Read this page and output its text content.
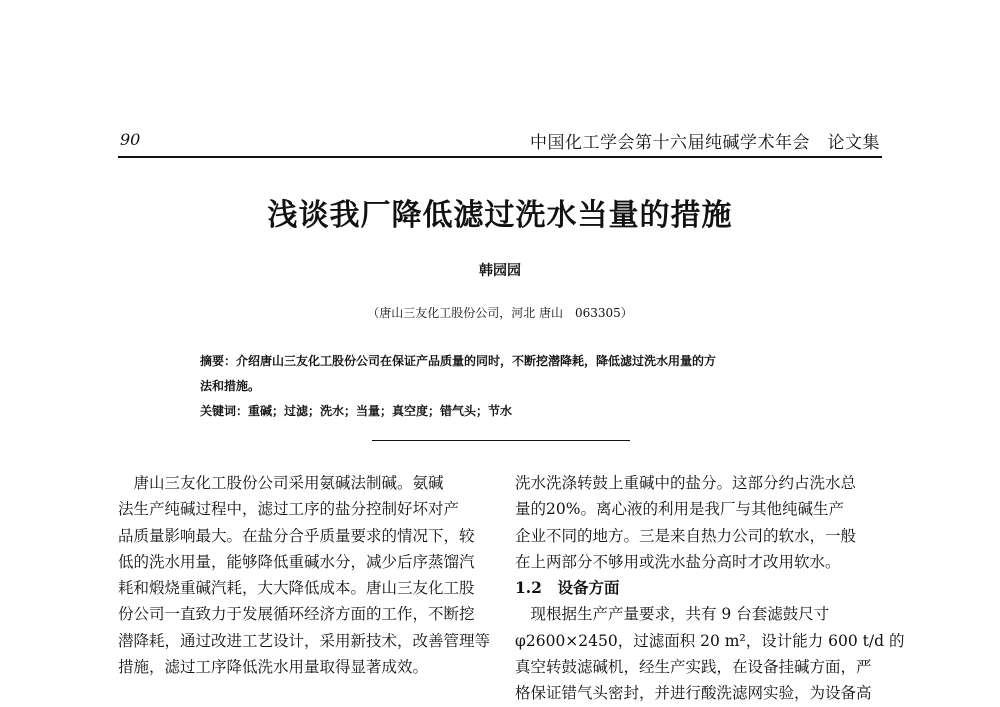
90	中国化工学会第十六届纯碱学术年会　论文集
浅谈我厂降低滤过洗水当量的措施
韩园园
（唐山三友化工股份公司，河北 唐山　063305）
摘要：介绍唐山三友化工股份公司在保证产品质量的同时，不断挖潜降耗，降低滤过洗水用量的方
法和措施。
关键词：重碱；过滤；洗水；当量；真空度；错气头；节水
　唐山三友化工股份公司采用氨碱法制碱。氨碱
法生产纯碱过程中，滤过工序的盐分控制好坏对产
品质量影响最大。在盐分合乎质量要求的情况下，较
低的洗水用量，能够降低重碱水分，减少后序蒸馏汽
耗和煅烧重碱汽耗，大大降低成本。唐山三友化工股
份公司一直致力于发展循环经济方面的工作，不断挖
潜降耗，通过改进工艺设计，采用新技术，改善管理等
措施，滤过工序降低洗水用量取得显著成效。
洗水洗涤转鼓上重碱中的盐分。这部分约占洗水总
量的20%。离心液的利用是我厂与其他纯碱生产
企业不同的地方。三是来自热力公司的软水，一般
在上两部分不够用或洗水盐分高时才改用软水。
1.2　设备方面
　现根据生产产量要求，共有 9 台套滤鼓尺寸
φ2600×2450，过滤面积 20 m²，设计能力 600 t/d 的
真空转鼓滤碱机，经生产实践，在设备挂碱方面，严
格保证错气头密封，并进行酸洗滤网实验，为设备高
